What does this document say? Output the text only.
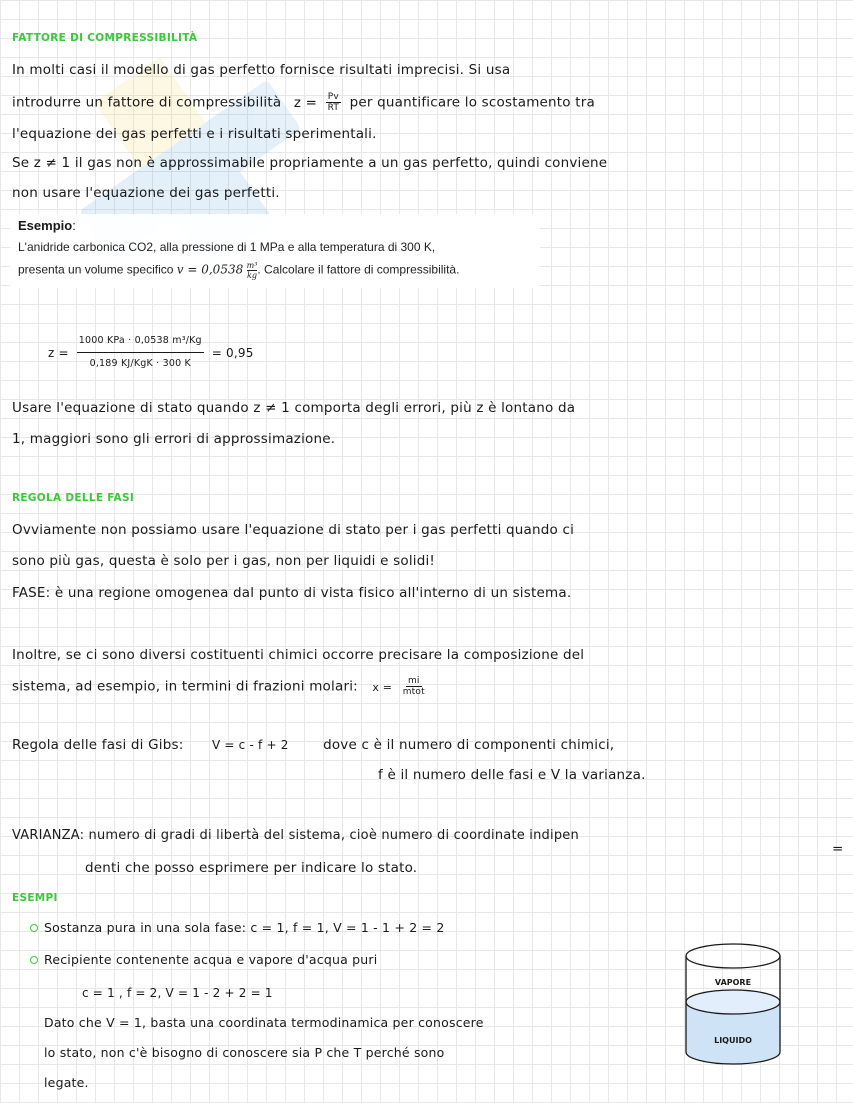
FATTORE DI COMPRESSIBILITÀ
In molti casi il modello di gas perfetto fornisce risultati imprecisi. Si usa
introdurre un fattore di compressibilità $z = \frac{Pv}{RT}$ per quantificare lo scostamento tra
l'equazione dei gas perfetti e i risultati sperimentali.
Se z ≠ 1 il gas non è approssimabile propriamente a un gas perfetto, quindi conviene
non usare l'equazione dei gas perfetti.
Esempio:
L'anidride carbonica CO2, alla pressione di 1 MPa e alla temperatura di 300 K,
presenta un volume specifico $v = 0,0538 \frac{\text{m³}}{kg}$ . Calcolare il fattore di compressibilità.
$z = \frac{\text{1000 KPa · 0,0538 m³/Kg}}{\text{0,189 KJ/KgK · 300 K}} = 0,95$
Usare l'equazione di stato quando z ≠ 1 comporta degli errori, più z è lontano da
1, maggiori sono gli errori di approssimazione.
REGOLA DELLE FASI
Ovviamente non possiamo usare l'equazione di stato per i gas perfetti quando ci
sono più gas, questa è solo per i gas, non per liquidi e solidi!
FASE: è una regione omogenea dal punto di vista fisico all'interno di un sistema.
Inoltre, se ci sono diversi costituenti chimici occorre precisare la composizione del
sistema, ad esempio, in termini di frazioni molari: $x = \frac{mi}{\text{mtot}}$
Regola delle fasi di Gibs: V = c - f + 2	dove c è il numero di componenti chimici,
f è il numero delle fasi e V la varianza.
VARIANZA: numero di gradi di libertà del sistema, cioè numero di coordinate indipen
=
denti che posso esprimere per indicare lo stato.
ESEMPI
Sostanza pura in una sola fase: c = 1, f = 1, V = 1 - 1 + 2 = 2
Recipiente contenente acqua e vapore d'acqua puri
c = 1 , f = 2, V = 1 - 2 + 2 = 1
Dato che V = 1, basta una coordinata termodinamica per conoscere
lo stato, non c'è bisogno di conoscere sia P che T perché sono
legate.
VAPORE
LIQUIDO
